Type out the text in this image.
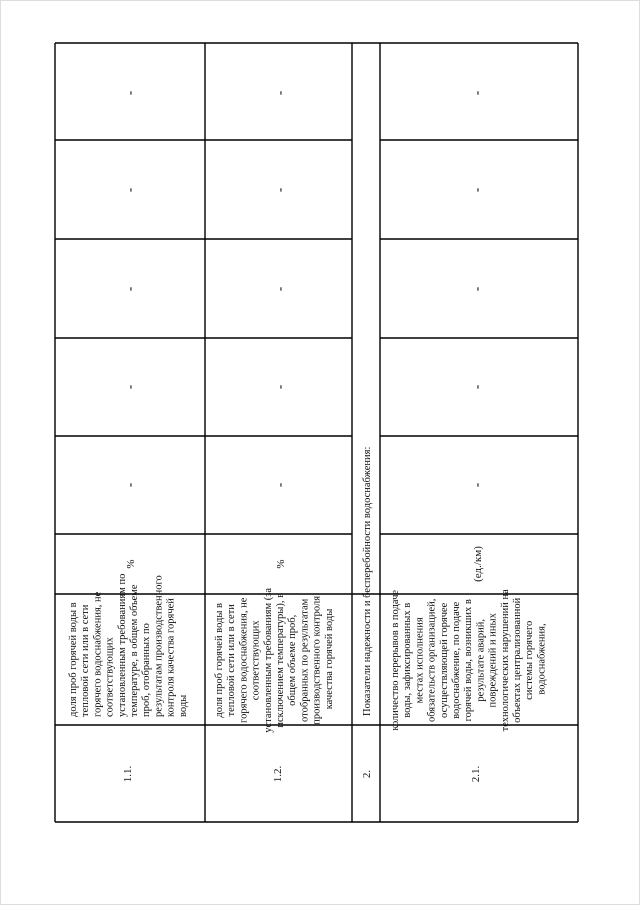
1.1.
доля проб горячей воды в тепловой сети или в сети горячего водоснабжения, не соответствующих установленным требованиям по температуре, в общем объеме проб, отобранных по результатам производственного контроля качества горячей воды
%
-
-
-
-
-
1.2.
доля проб горячей воды в тепловой сети или в сети горячего водоснабжения, не соответствующих установленным требованиям (за исключением температуры), в общем объеме проб, отобранных по результатам производственного контроля качества горячей воды
%
-
-
-
-
-
2.
Показатели надежности и бесперебойности водоснабжения:
2.1.
количество перерывов в подаче воды, зафиксированных в местах исполнения обязательств организацией, осуществляющей горячее водоснабжение, по подаче горячей воды, возникших в результате аварий, повреждений и иных технологических нарушений на объектах централизованной системы горячего водоснабжения,
(ед./км)
-
-
-
-
-
